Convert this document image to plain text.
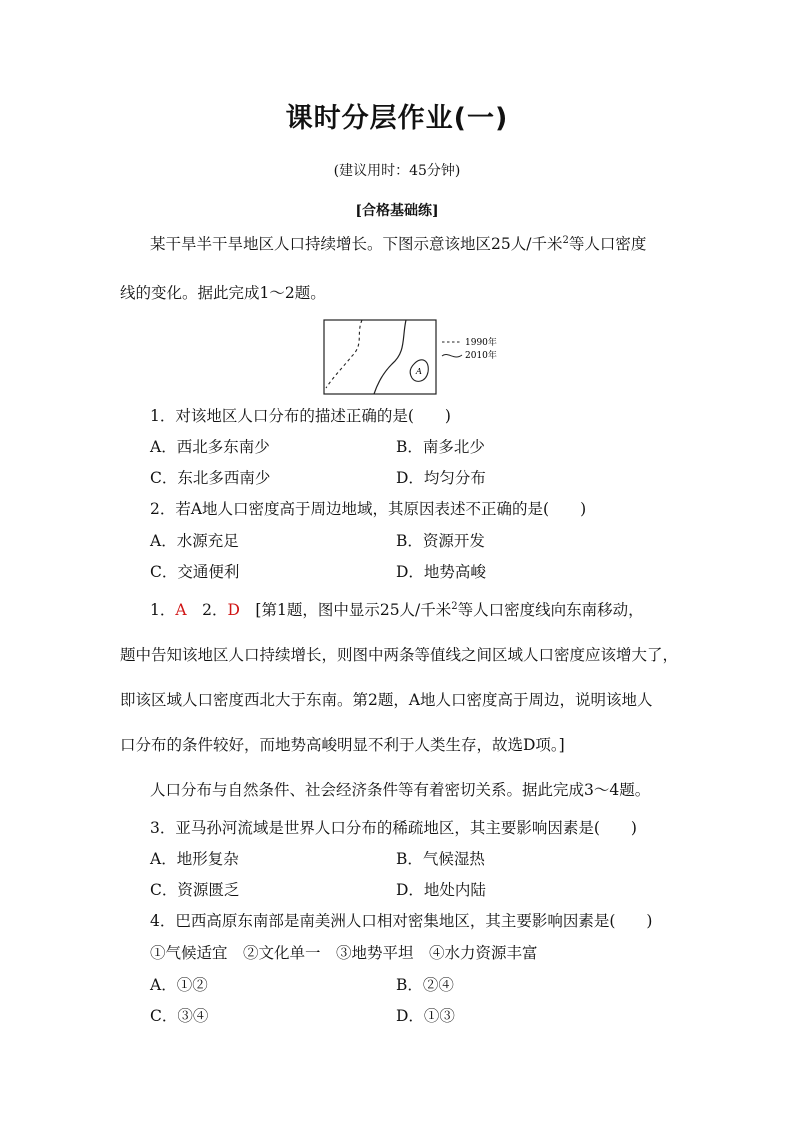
课时分层作业(一)
(建议用时：45分钟)
[合格基础练]
某干旱半干旱地区人口持续增长。下图示意该地区25人/千米$^2$等人口密度
线的变化。据此完成1～2题。
A
1990年
2010年
1．对该地区人口分布的描述正确的是(　　)
A．西北多东南少	B．南多北少
C．东北多西南少	D．均匀分布
2．若A地人口密度高于周边地域，其原因表述不正确的是(　　)
A．水源充足	B．资源开发
C．交通便利	D．地势高峻
1．A　 2．D　 [第1题，图中显示25人/千米$^2$等人口密度线向东南移动，
题中告知该地区人口持续增长，则图中两条等值线之间区域人口密度应该增大了，
即该区域人口密度西北大于东南。第2题，A地人口密度高于周边，说明该地人
口分布的条件较好，而地势高峻明显不利于人类生存，故选D项。]
人口分布与自然条件、社会经济条件等有着密切关系。据此完成3～4题。
3．亚马孙河流域是世界人口分布的稀疏地区，其主要影响因素是(　　)
A．地形复杂	B．气候湿热
C．资源匮乏	D．地处内陆
4．巴西高原东南部是南美洲人口相对密集地区，其主要影响因素是(　　)
①气候适宜　②文化单一　③地势平坦　④水力资源丰富
A．①②	B．②④
C．③④	D．①③
